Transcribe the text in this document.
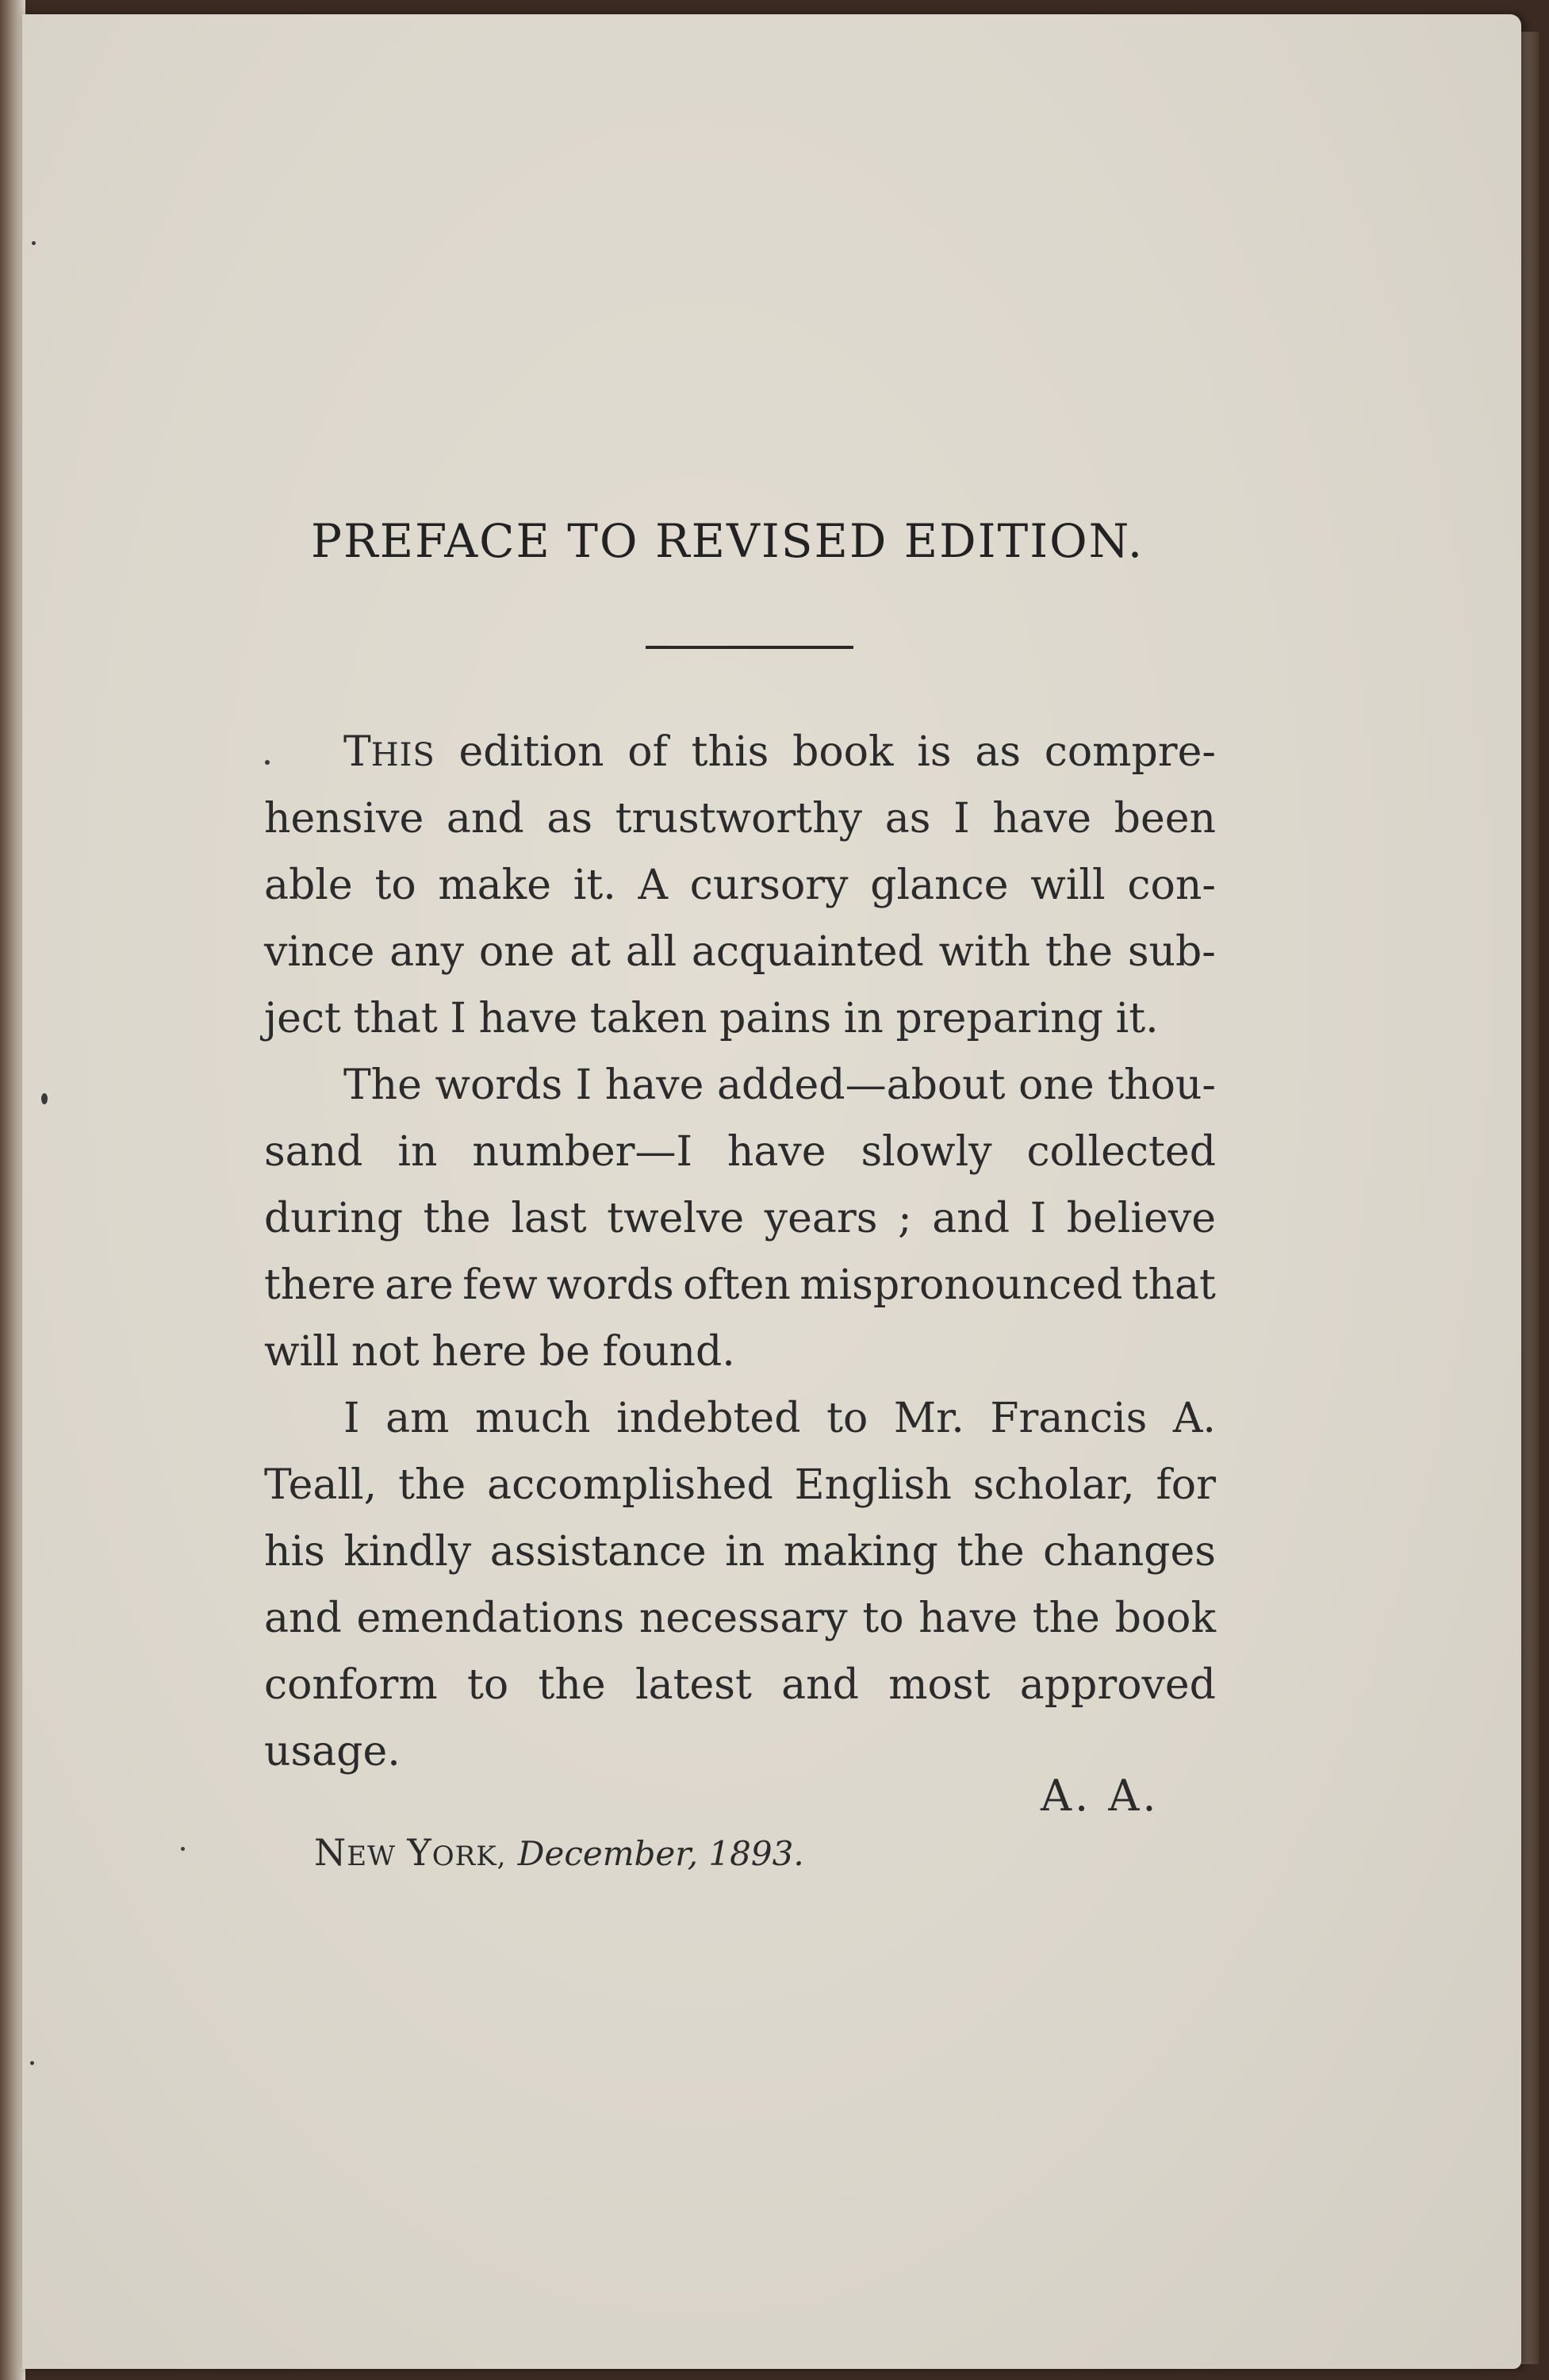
PREFACE TO REVISED EDITION.
THIS edition of this book is as compre-
hensive and as trustworthy as I have been
able to make it. A cursory glance will con-
vince any one at all acquainted with the sub-
ject that I have taken pains in preparing it.
The words I have added—about one thou-
sand in number—I have slowly collected
during the last twelve years ; and I believe
there are few words often mispronounced that
will not here be found.
I am much indebted to Mr. Francis A.
Teall, the accomplished English scholar, for
his kindly assistance in making the changes
and emendations necessary to have the book
conform to the latest and most approved
usage.
A. A.
NEW YORK, December, 1893.
